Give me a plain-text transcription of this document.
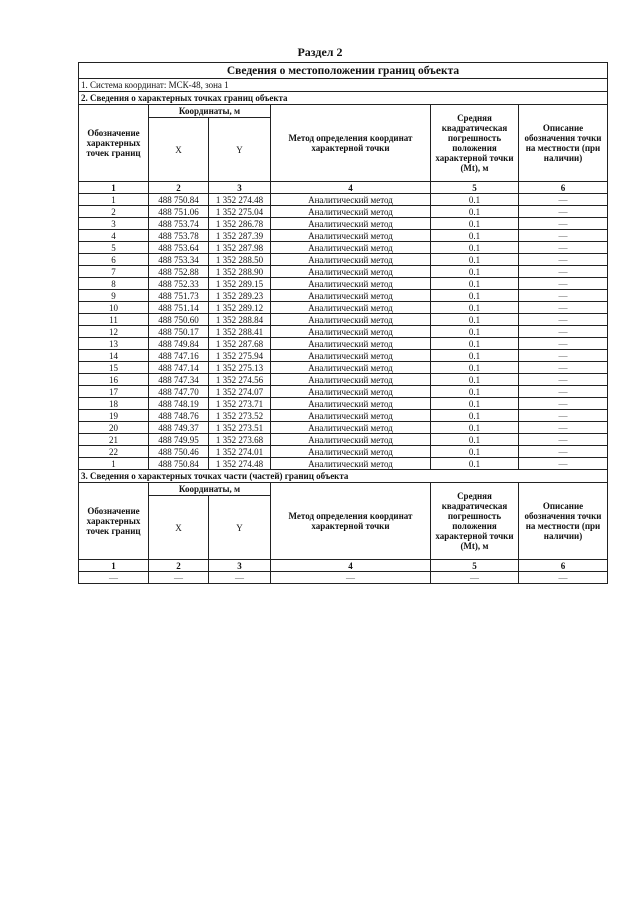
Раздел 2
Сведения о местоположении границ объекта					
1. Система координат: МСК-48, зона 1					
2. Сведения о характерных точках границ объекта					
Обозначение характерных точек границ	Координаты, м		Метод определения координат характерной точки	Средняя квадратическая погрешность положения характерной точки (Мt), м	Описание обозначения точки на местности (при наличии)
	X	Y			
1	2	3	4	5	6
1	488 750.84	1 352 274.48	Аналитический метод	0.1	—
2	488 751.06	1 352 275.04	Аналитический метод	0.1	—
3	488 753.74	1 352 286.78	Аналитический метод	0.1	—
4	488 753.78	1 352 287.39	Аналитический метод	0.1	—
5	488 753.64	1 352 287.98	Аналитический метод	0.1	—
6	488 753.34	1 352 288.50	Аналитический метод	0.1	—
7	488 752.88	1 352 288.90	Аналитический метод	0.1	—
8	488 752.33	1 352 289.15	Аналитический метод	0.1	—
9	488 751.73	1 352 289.23	Аналитический метод	0.1	—
10	488 751.14	1 352 289.12	Аналитический метод	0.1	—
11	488 750.60	1 352 288.84	Аналитический метод	0.1	—
12	488 750.17	1 352 288.41	Аналитический метод	0.1	—
13	488 749.84	1 352 287.68	Аналитический метод	0.1	—
14	488 747.16	1 352 275.94	Аналитический метод	0.1	—
15	488 747.14	1 352 275.13	Аналитический метод	0.1	—
16	488 747.34	1 352 274.56	Аналитический метод	0.1	—
17	488 747.70	1 352 274.07	Аналитический метод	0.1	—
18	488 748.19	1 352 273.71	Аналитический метод	0.1	—
19	488 748.76	1 352 273.52	Аналитический метод	0.1	—
20	488 749.37	1 352 273.51	Аналитический метод	0.1	—
21	488 749.95	1 352 273.68	Аналитический метод	0.1	—
22	488 750.46	1 352 274.01	Аналитический метод	0.1	—
1	488 750.84	1 352 274.48	Аналитический метод	0.1	—
3. Сведения о характерных точках части (частей) границ объекта					
Обозначение характерных точек границ	Координаты, м		Метод определения координат характерной точки	Средняя квадратическая погрешность положения характерной точки (Мt), м	Описание обозначения точки на местности (при наличии)
	X	Y			
1	2	3	4	5	6
—	—	—	—	—	—
